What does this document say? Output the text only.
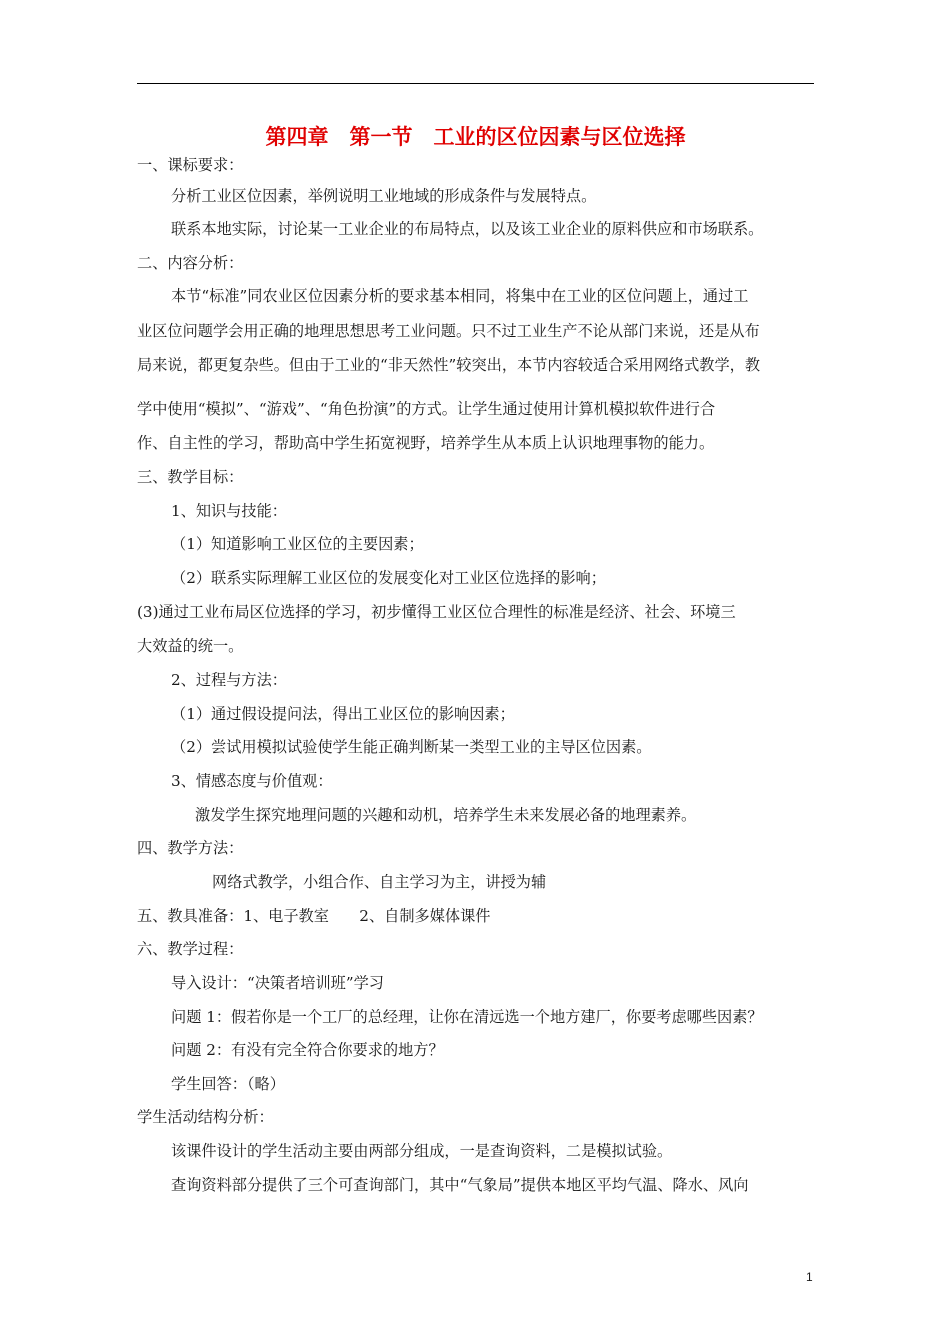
第四章　第一节　工业的区位因素与区位选择
一、课标要求：
分析工业区位因素，举例说明工业地域的形成条件与发展特点。
联系本地实际，讨论某一工业企业的布局特点，以及该工业企业的原料供应和市场联系。
二、内容分析：
本节“标准”同农业区位因素分析的要求基本相同，将集中在工业的区位问题上，通过工
业区位问题学会用正确的地理思想思考工业问题。只不过工业生产不论从部门来说，还是从布
局来说，都更复杂些。但由于工业的“非天然性”较突出，本节内容较适合采用网络式教学，教
学中使用“模拟”、“游戏”、“角色扮演”的方式。让学生通过使用计算机模拟软件进行合
作、自主性的学习，帮助高中学生拓宽视野，培养学生从本质上认识地理事物的能力。
三、教学目标：
1、知识与技能：
（1）知道影响工业区位的主要因素；
（2）联系实际理解工业区位的发展变化对工业区位选择的影响；
(3)通过工业布局区位选择的学习，初步懂得工业区位合理性的标准是经济、社会、环境三
大效益的统一。
2、过程与方法：
（1）通过假设提问法，得出工业区位的影响因素；
（2）尝试用模拟试验使学生能正确判断某一类型工业的主导区位因素。
3、情感态度与价值观：
激发学生探究地理问题的兴趣和动机，培养学生未来发展必备的地理素养。
四、教学方法：
网络式教学，小组合作、自主学习为主，讲授为辅
五、教具准备：1、电子教室　　2、自制多媒体课件
六、教学过程：
导入设计：“决策者培训班”学习
问题 1：假若你是一个工厂的总经理，让你在清远选一个地方建厂，你要考虑哪些因素？
问题 2：有没有完全符合你要求的地方？
学生回答：（略）
学生活动结构分析：
该课件设计的学生活动主要由两部分组成，一是查询资料，二是模拟试验。
查询资料部分提供了三个可查询部门，其中“气象局”提供本地区平均气温、降水、风向
1
